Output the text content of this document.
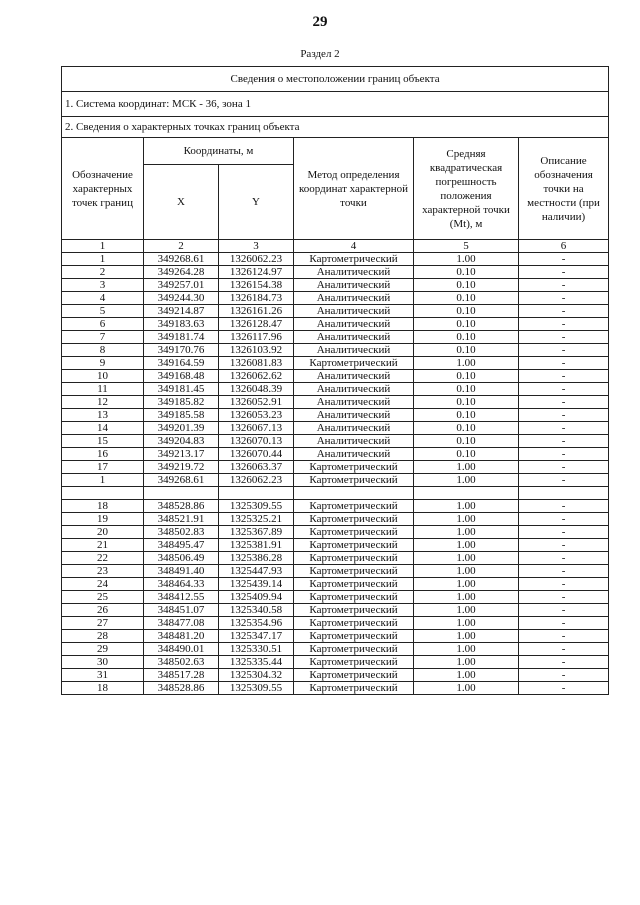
29
Раздел 2
Сведения о местоположении границ объекта					
1. Система координат: МСК - 36, зона 1					
2. Сведения о характерных точках границ объекта					
Обозначение характерных точек границ	Координаты, м		Метод определения координат характерной точки	Средняя квадратическая погрешность положения характерной точки (Mt), м	Описание обозначения точки на местности (при наличии)
	X	Y			
1	2	3	4	5	6
1	349268.61	1326062.23	Картометрический	1.00	-
2	349264.28	1326124.97	Аналитический	0.10	-
3	349257.01	1326154.38	Аналитический	0.10	-
4	349244.30	1326184.73	Аналитический	0.10	-
5	349214.87	1326161.26	Аналитический	0.10	-
6	349183.63	1326128.47	Аналитический	0.10	-
7	349181.74	1326117.96	Аналитический	0.10	-
8	349170.76	1326103.92	Аналитический	0.10	-
9	349164.59	1326081.83	Картометрический	1.00	-
10	349168.48	1326062.62	Аналитический	0.10	-
11	349181.45	1326048.39	Аналитический	0.10	-
12	349185.82	1326052.91	Аналитический	0.10	-
13	349185.58	1326053.23	Аналитический	0.10	-
14	349201.39	1326067.13	Аналитический	0.10	-
15	349204.83	1326070.13	Аналитический	0.10	-
16	349213.17	1326070.44	Аналитический	0.10	-
17	349219.72	1326063.37	Картометрический	1.00	-
1	349268.61	1326062.23	Картометрический	1.00	-

18	348528.86	1325309.55	Картометрический	1.00	-
19	348521.91	1325325.21	Картометрический	1.00	-
20	348502.83	1325367.89	Картометрический	1.00	-
21	348495.47	1325381.91	Картометрический	1.00	-
22	348506.49	1325386.28	Картометрический	1.00	-
23	348491.40	1325447.93	Картометрический	1.00	-
24	348464.33	1325439.14	Картометрический	1.00	-
25	348412.55	1325409.94	Картометрический	1.00	-
26	348451.07	1325340.58	Картометрический	1.00	-
27	348477.08	1325354.96	Картометрический	1.00	-
28	348481.20	1325347.17	Картометрический	1.00	-
29	348490.01	1325330.51	Картометрический	1.00	-
30	348502.63	1325335.44	Картометрический	1.00	-
31	348517.28	1325304.32	Картометрический	1.00	-
18	348528.86	1325309.55	Картометрический	1.00	-
